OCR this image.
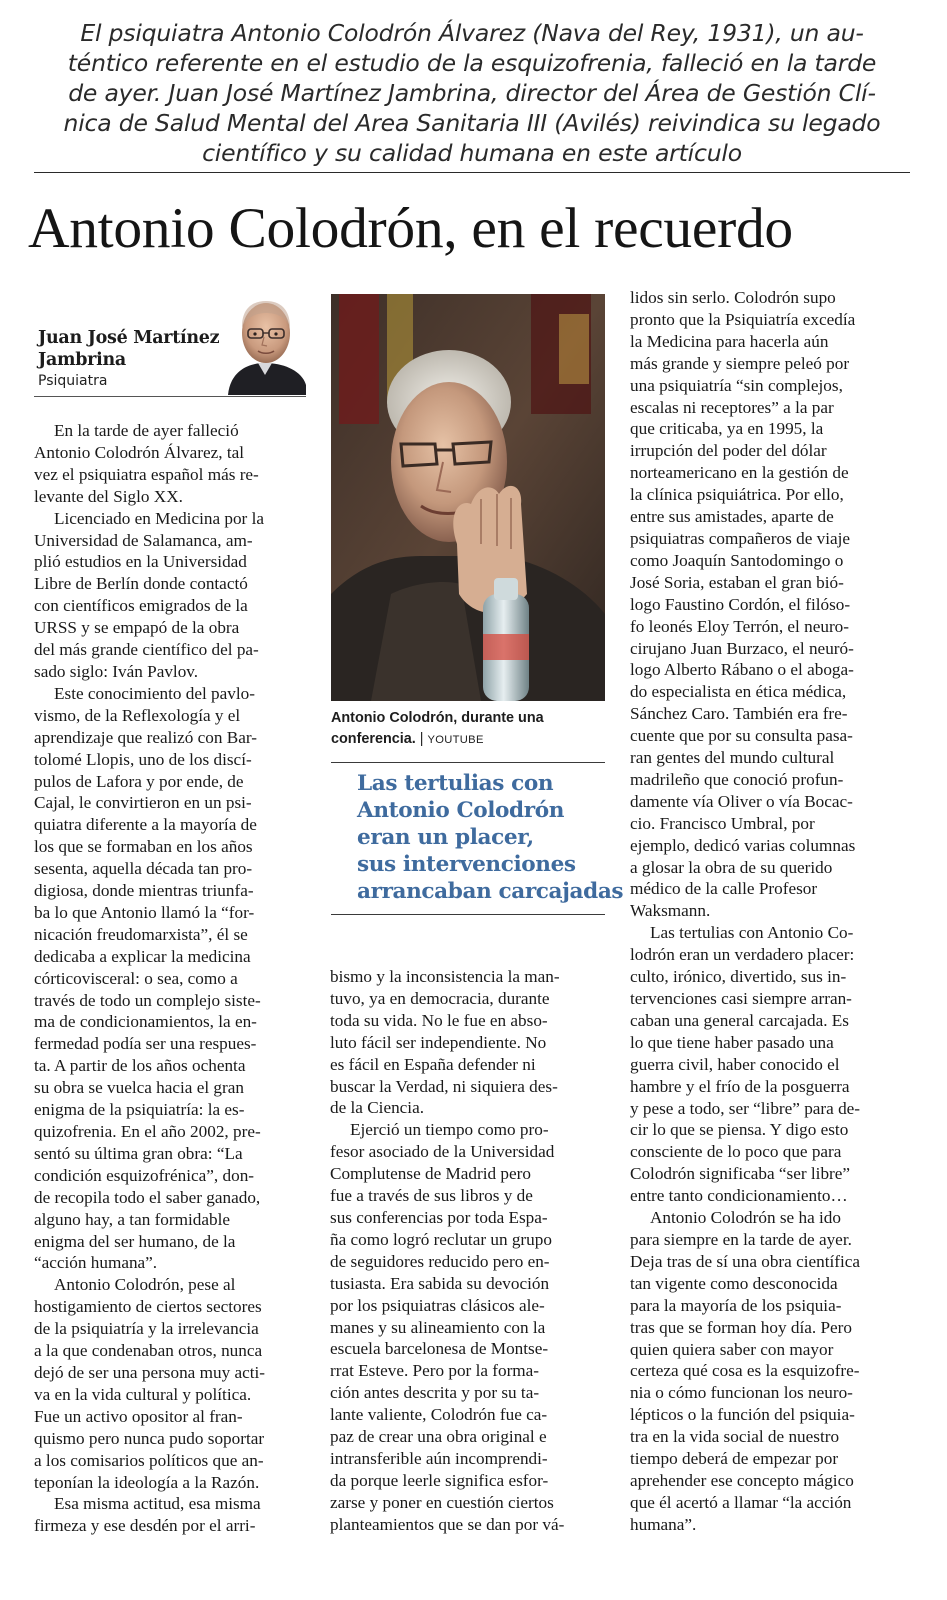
El psiquiatra Antonio Colodrón Álvarez (Nava del Rey, 1931), un au-
téntico referente en el estudio de la esquizofrenia, falleció en la tarde
de ayer. Juan José Martínez Jambrina, director del Área de Gestión Clí-
nica de Salud Mental del Area Sanitaria III (Avilés) reivindica su legado
científico y su calidad humana en este artículo
Antonio Colodrón, en el recuerdo
Juan José Martínez
Jambrina
Psiquiatra

En la tarde de ayer falleció

Antonio Colodrón Álvarez, tal

vez el psiquiatra español más re-

levante del Siglo XX.

Licenciado en Medicina por la

Universidad de Salamanca, am-

plió estudios en la Universidad

Libre de Berlín donde contactó

con científicos emigrados de la

URSS y se empapó de la obra

del más grande científico del pa-

sado siglo: Iván Pavlov.

Este conocimiento del pavlo-

vismo, de la Reflexología y el

aprendizaje que realizó con Bar-

tolomé Llopis, uno de los discí-

pulos de Lafora y por ende, de

Cajal, le convirtieron en un psi-

quiatra diferente a la mayoría de

los que se formaban en los años

sesenta, aquella década tan pro-

digiosa, donde mientras triunfa-

ba lo que Antonio llamó la “for-

nicación freudomarxista”, él se

dedicaba a explicar la medicina

córticovisceral: o sea, como a

través de todo un complejo siste-

ma de condicionamientos, la en-

fermedad podía ser una respues-

ta. A partir de los años ochenta

su obra se vuelca hacia el gran

enigma de la psiquiatría: la es-

quizofrenia. En el año 2002, pre-

sentó su última gran obra: “La

condición esquizofrénica”, don-

de recopila todo el saber ganado,

alguno hay, a tan formidable

enigma del ser humano, de la

“acción humana”.

Antonio Colodrón, pese al

hostigamiento de ciertos sectores

de la psiquiatría y la irrelevancia

a la que condenaban otros, nunca

dejó de ser una persona muy acti-

va en la vida cultural y política.

Fue un activo opositor al fran-

quismo pero nunca pudo soportar

a los comisarios políticos que an-

teponían la ideología a la Razón.

Esa misma actitud, esa misma

firmeza y ese desdén por el arri-

Antonio Colodrón, durante una
conferencia. | YOUTUBE
Las tertulias con
Antonio Colodrón
eran un placer,
sus intervenciones
arrancaban carcajadas

bismo y la inconsistencia la man-

tuvo, ya en democracia, durante

toda su vida. No le fue en abso-

luto fácil ser independiente. No

es fácil en España defender ni

buscar la Verdad, ni siquiera des-

de la Ciencia.

Ejerció un tiempo como pro-

fesor asociado de la Universidad

Complutense de Madrid pero

fue a través de sus libros y de

sus conferencias por toda Espa-

ña como logró reclutar un grupo

de seguidores reducido pero en-

tusiasta. Era sabida su devoción

por los psiquiatras clásicos ale-

manes y su alineamiento con la

escuela barcelonesa de Montse-

rrat Esteve. Pero por la forma-

ción antes descrita y por su ta-

lante valiente, Colodrón fue ca-

paz de crear una obra original e

intransferible aún incomprendi-

da porque leerle significa esfor-

zarse y poner en cuestión ciertos

planteamientos que se dan por vá-

lidos sin serlo. Colodrón supo

pronto que la Psiquiatría excedía

la Medicina para hacerla aún

más grande y siempre peleó por

una psiquiatría “sin complejos,

escalas ni receptores” a la par

que criticaba, ya en 1995, la

irrupción del poder del dólar

norteamericano en la gestión de

la clínica psiquiátrica. Por ello,

entre sus amistades, aparte de

psiquiatras compañeros de viaje

como Joaquín Santodomingo o

José Soria, estaban el gran bió-

logo Faustino Cordón, el filóso-

fo leonés Eloy Terrón, el neuro-

cirujano Juan Burzaco, el neuró-

logo Alberto Rábano o el aboga-

do especialista en ética médica,

Sánchez Caro. También era fre-

cuente que por su consulta pasa-

ran gentes del mundo cultural

madrileño que conoció profun-

damente vía Oliver o vía Bocac-

cio. Francisco Umbral, por

ejemplo, dedicó varias columnas

a glosar la obra de su querido

médico de la calle Profesor

Waksmann.

Las tertulias con Antonio Co-

lodrón eran un verdadero placer:

culto, irónico, divertido, sus in-

tervenciones casi siempre arran-

caban una general carcajada. Es

lo que tiene haber pasado una

guerra civil, haber conocido el

hambre y el frío de la posguerra

y pese a todo, ser “libre” para de-

cir lo que se piensa. Y digo esto

consciente de lo poco que para

Colodrón significaba “ser libre”

entre tanto condicionamiento…

Antonio Colodrón se ha ido

para siempre en la tarde de ayer.

Deja tras de sí una obra científica

tan vigente como desconocida

para la mayoría de los psiquia-

tras que se forman hoy día. Pero

quien quiera saber con mayor

certeza qué cosa es la esquizofre-

nia o cómo funcionan los neuro-

lépticos o la función del psiquia-

tra en la vida social de nuestro

tiempo deberá de empezar por

aprehender ese concepto mágico

que él acertó a llamar “la acción

humana”.
